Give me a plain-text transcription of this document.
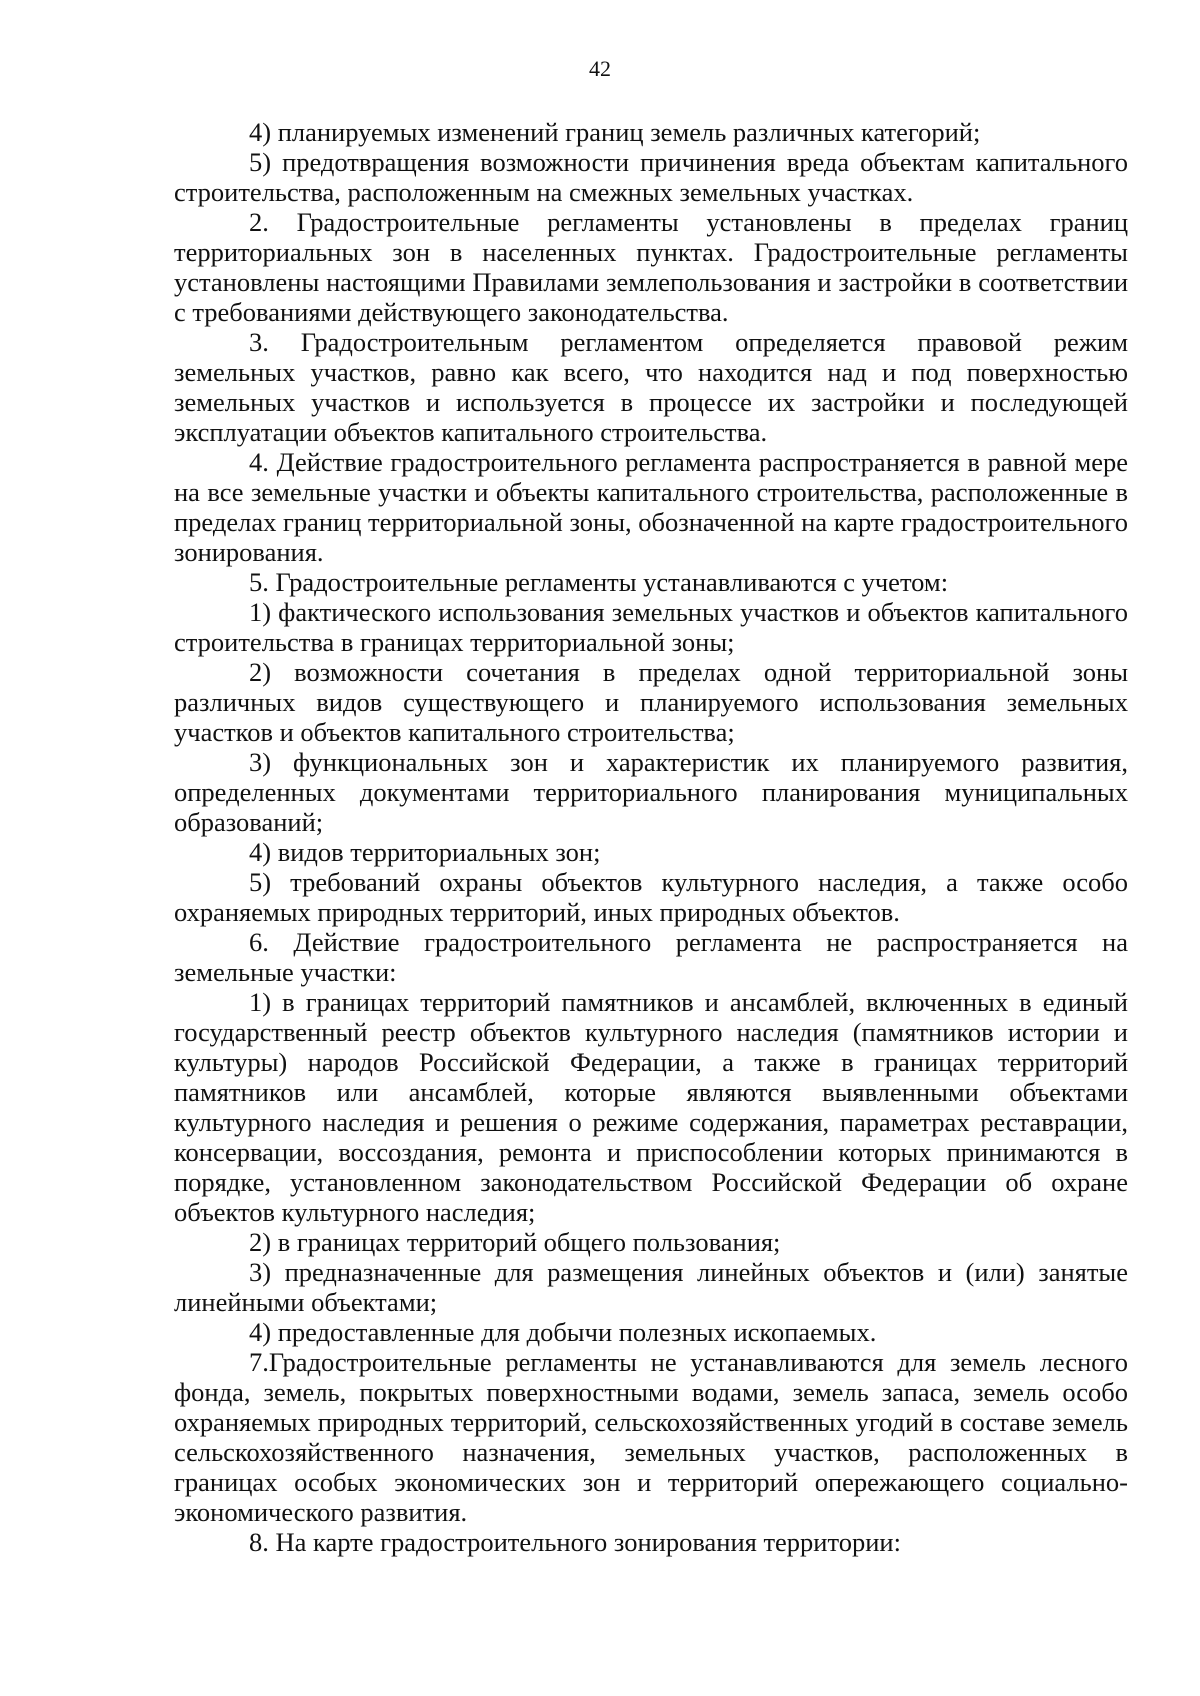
42

4) планируемых изменений границ земель различных категорий;

5) предотвращения возможности причинения вреда объектам капитального строительства, расположенным на смежных земельных участках.

2. Градостроительные регламенты установлены в пределах границ территориальных зон в населенных пунктах. Градостроительные регламенты установлены настоящими Правилами землепользования и застройки в соответствии с требованиями действующего законодательства.

3. Градостроительным регламентом определяется правовой режим земельных участков, равно как всего, что находится над и под поверхностью земельных участков и используется в процессе их застройки и последующей эксплуатации объектов капитального строительства.

4. Действие градостроительного регламента распространяется в равной мере на все земельные участки и объекты капитального строительства, расположенные в пределах границ территориальной зоны, обозначенной на карте градостроительного зонирования.

5. Градостроительные регламенты устанавливаются с учетом:

1) фактического использования земельных участков и объектов капитального строительства в границах территориальной зоны;

2) возможности сочетания в пределах одной территориальной зоны различных видов существующего и планируемого использования земельных участков и объектов капитального строительства;

3) функциональных зон и характеристик их планируемого развития, определенных документами территориального планирования муниципальных образований;

4) видов территориальных зон;

5) требований охраны объектов культурного наследия, а также особо охраняемых природных территорий, иных природных объектов.

6. Действие градостроительного регламента не распространяется на земельные участки:

1) в границах территорий памятников и ансамблей, включенных в единый государственный реестр объектов культурного наследия (памятников истории и культуры) народов Российской Федерации, а также в границах территорий памятников или ансамблей, которые являются выявленными объектами культурного наследия и решения о режиме содержания, параметрах реставрации, консервации, воссоздания, ремонта и приспособлении которых принимаются в порядке, установленном законодательством Российской Федерации об охране объектов культурного наследия;

2) в границах территорий общего пользования;

3) предназначенные для размещения линейных объектов и (или) занятые линейными объектами;

4) предоставленные для добычи полезных ископаемых.

7.Градостроительные регламенты не устанавливаются для земель лесного фонда, земель, покрытых поверхностными водами, земель запаса, земель особо охраняемых природных территорий, сельскохозяйственных угодий в составе земель сельскохозяйственного назначения, земельных участков, расположенных в границах особых экономических зон и территорий опережающего социально-экономического развития.

8. На карте градостроительного зонирования территории:
